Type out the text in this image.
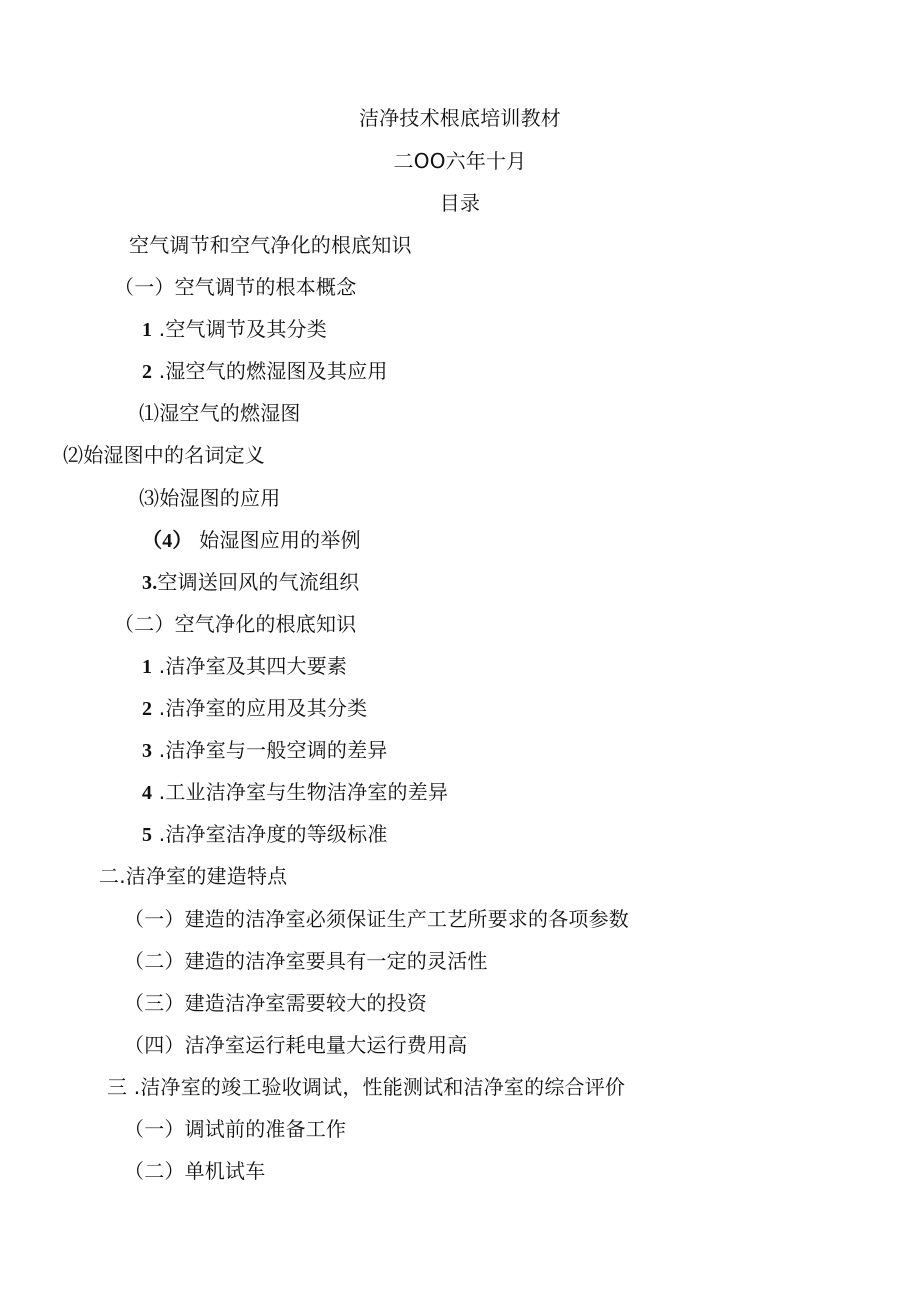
洁净技术根底培训教材
二OO六年十月
目录
空气调节和空气净化的根底知识
（一）空气调节的根本概念
1 .空气调节及其分类
2 .湿空气的燃湿图及其应用
⑴湿空气的燃湿图
⑵始湿图中的名词定义
⑶始湿图的应用
（4） 始湿图应用的举例
3.空调送回风的气流组织
（二）空气净化的根底知识
1 .洁净室及其四大要素
2 .洁净室的应用及其分类
3 .洁净室与一般空调的差异
4 .工业洁净室与生物洁净室的差异
5 .洁净室洁净度的等级标准
二.洁净室的建造特点
（一）建造的洁净室必须保证生产工艺所要求的各项参数
（二）建造的洁净室要具有一定的灵活性
（三）建造洁净室需要较大的投资
（四）洁净室运行耗电量大运行费用高
三 .洁净室的竣工验收调试，性能测试和洁净室的综合评价
（一）调试前的准备工作
（二）单机试车
